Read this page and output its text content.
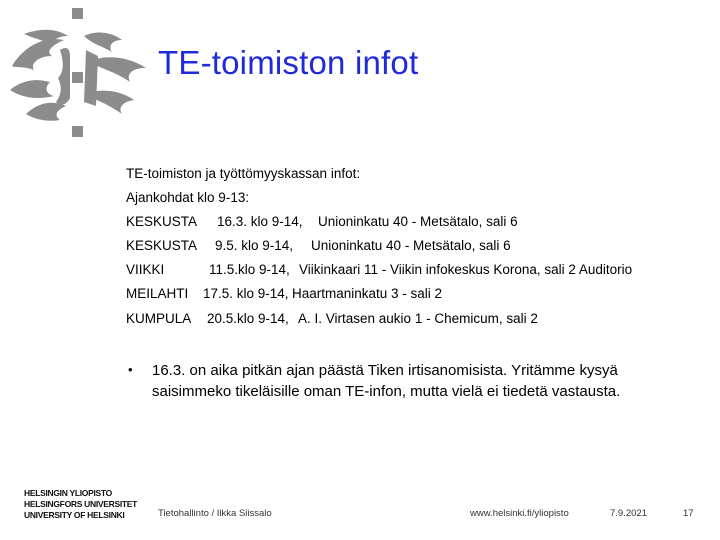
TE-toimiston infot
TE-toimiston ja työttömyyskassan infot:
Ajankohdat klo 9-13:
KESKUSTA 16.3. klo 9-14, Unioninkatu 40 - Metsätalo, sali 6
KESKUSTA 9.5. klo 9-14, Unioninkatu 40 - Metsätalo, sali 6
VIIKKI	11.5.klo 9-14, Viikinkaari 11 - Viikin infokeskus Korona, sali 2 Auditorio
MEILAHTI 17.5. klo 9-14, Haartmaninkatu 3 - sali 2
KUMPULA 20.5.klo 9-14, A. I. Virtasen aukio 1 - Chemicum, sali 2
• 16.3. on aika pitkän ajan päästä Tiken irtisanomisista. Yritämme kysyä saisimmeko tikeläisille oman TE-infon, mutta vielä ei tiedetä vastausta.
HELSINGIN YLIOPISTO
HELSINGFORS UNIVERSITET
UNIVERSITY OF HELSINKI	Tietohallinto / Ilkka Siissalo	www.helsinki.fi/yliopisto	7.9.2021	17
